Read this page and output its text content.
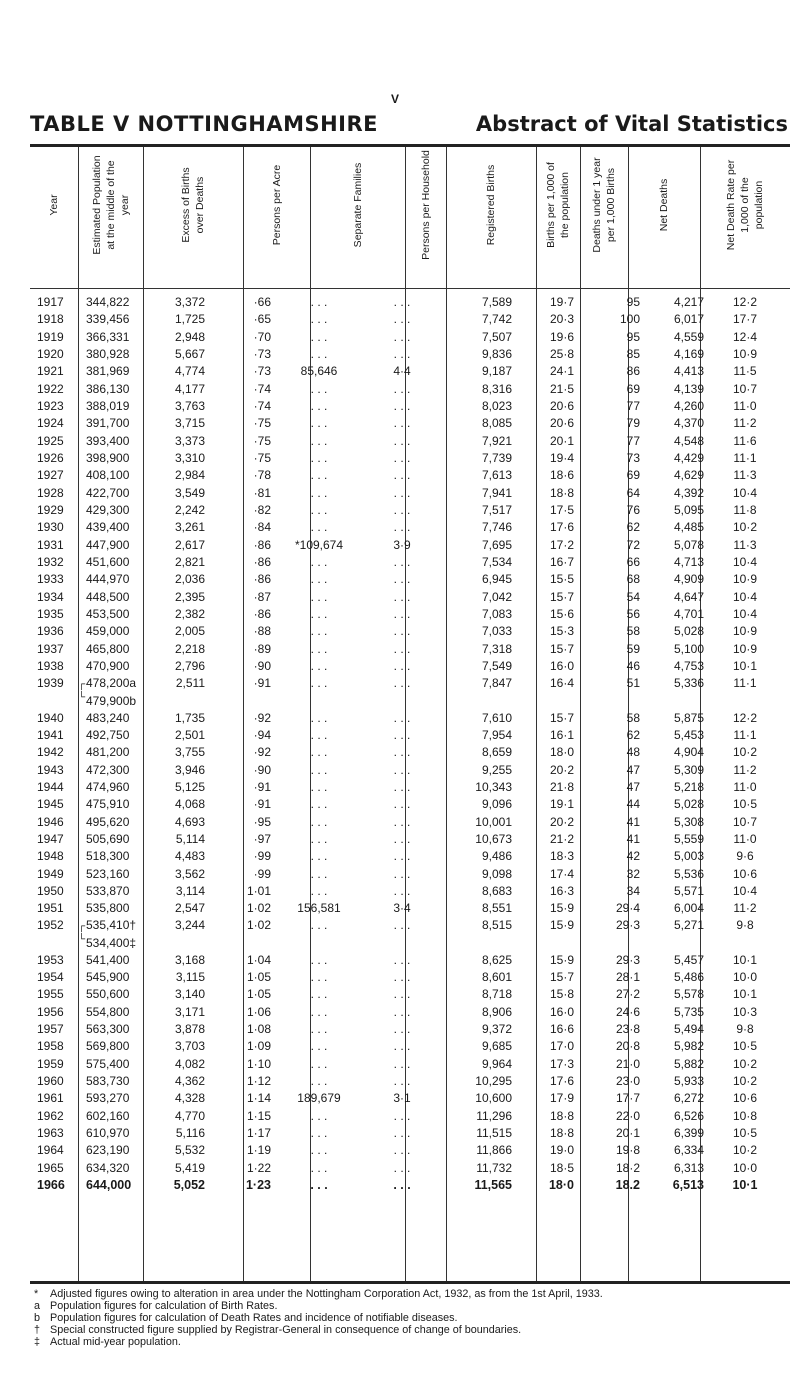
V
TABLE V NOTTINGHAMSHIRE	Abstract of Vital Statistics
Year
Estimated Population
at the middle of the
year
Excess of Births
over Deaths	Persons per Acre	Separate Families	Persons per Household	Registered Births	Births per 1,000 of
the population
Deaths under 1 year
per 1,000 Births	Net Deaths
Net Death Rate per
1,000 of the
population
1917 344,822	3,372	·66	. . .	. . .	7,589	19·7	95	4,217	12·2
1918 339,456	1,725	·65	. . .	. . .	7,742	20·3	100	6,017	17·7
1919 366,331	2,948	·70	. . .	. . .	7,507	19·6	95	4,559	12·4
1920 380,928	5,667	·73	. . .	. . .	9,836	25·8	85	4,169	10·9
1921 381,969	4,774	·73	85,646	4·4	9,187	24·1	86	4,413	11·5
1922 386,130	4,177	·74	. . .	. . .	8,316	21·5	69	4,139	10·7
1923 388,019	3,763	·74	. . .	. . .	8,023	20·6	77	4,260	11·0
1924 391,700	3,715	·75	. . .	. . .	8,085	20·6	79	4,370	11·2
1925 393,400	3,373	·75	. . .	. . .	7,921	20·1	77	4,548	11·6
1926 398,900	3,310	·75	. . .	. . .	7,739	19·4	73	4,429	11·1
1927 408,100	2,984	·78	. . .	. . .	7,613	18·6	69	4,629	11·3
1928 422,700	3,549	·81	. . .	. . .	7,941	18·8	64	4,392	10·4
1929 429,300	2,242	·82	. . .	. . .	7,517	17·5	76	5,095	11·8
1930 439,400	3,261	·84	. . .	. . .	7,746	17·6	62	4,485	10·2
1931 447,900	2,617	·86	*109,674	3·9	7,695	17·2	72	5,078	11·3
1932 451,600	2,821	·86	. . .	. . .	7,534	16·7	66	4,713	10·4
1933 444,970	2,036	·86	. . .	. . .	6,945	15·5	68	4,909	10·9
1934 448,500	2,395	·87	. . .	. . .	7,042	15·7	54	4,647	10·4
1935 453,500	2,382	·86	. . .	. . .	7,083	15·6	56	4,701	10·4
1936 459,000	2,005	·88	. . .	. . .	7,033	15·3	58	5,028	10·9
1937 465,800	2,218	·89	. . .	. . .	7,318	15·7	59	5,100	10·9
1938 470,900	2,796	·90	. . .	. . .	7,549	16·0	46	4,753	10·1
1939 ┌ 478,200a	2,511	·91	. . .	. . .	7,847	16·4	51	5,336	11·1
└ 479,900b
1940 483,240	1,735	·92	. . .	. . .	7,610	15·7	58	5,875	12·2
1941 492,750	2,501	·94	. . .	. . .	7,954	16·1	62	5,453	11·1
1942 481,200	3,755	·92	. . .	. . .	8,659	18·0	48	4,904	10·2
1943 472,300	3,946	·90	. . .	. . .	9,255	20·2	47	5,309	11·2
1944 474,960	5,125	·91	. . .	. . .	10,343	21·8	47	5,218	11·0
1945 475,910	4,068	·91	. . .	. . .	9,096	19·1	44	5,028	10·5
1946 495,620	4,693	·95	. . .	. . .	10,001	20·2	41	5,308	10·7
1947 505,690	5,114	·97	. . .	. . .	10,673	21·2	41	5,559	11·0
1948 518,300	4,483	·99	. . .	. . .	9,486	18·3	42	5,003	9·6
1949 523,160	3,562	·99	. . .	. . .	9,098	17·4	32	5,536	10·6
1950 533,870	3,114	1·01	. . .	. . .	8,683	16·3	34	5,571	10·4
1951 535,800	2,547	1·02	156,581	3·4	8,551	15·9	29·4	6,004	11·2
1952 ┌ 535,410†	3,244	1·02	. . .	. . .	8,515	15·9	29·3	5,271	9·8
└ 534,400‡
1953 541,400	3,168	1·04	. . .	. . .	8,625	15·9	29·3	5,457	10·1
1954 545,900	3,115	1·05	. . .	. . .	8,601	15·7	28·1	5,486	10·0
1955 550,600	3,140	1·05	. . .	. . .	8,718	15·8	27·2	5,578	10·1
1956 554,800	3,171	1·06	. . .	. . .	8,906	16·0	24·6	5,735	10·3
1957 563,300	3,878	1·08	. . .	. . .	9,372	16·6	23·8	5,494	9·8
1958 569,800	3,703	1·09	. . .	. . .	9,685	17·0	20·8	5,982	10·5
1959 575,400	4,082	1·10	. . .	. . .	9,964	17·3	21·0	5,882	10·2
1960 583,730	4,362	1·12	. . .	. . .	10,295	17·6	23·0	5,933	10·2
1961 593,270	4,328	1·14	189,679	3·1	10,600	17·9	17·7	6,272	10·6
1962 602,160	4,770	1·15	. . .	. . .	11,296	18·8	22·0	6,526	10·8
1963 610,970	5,116	1·17	. . .	. . .	11,515	18·8	20·1	6,399	10·5
1964 623,190	5,532	1·19	. . .	. . .	11,866	19·0	19·8	6,334	10·2
1965 634,320	5,419	1·22	. . .	. . .	11,732	18·5	18·2	6,313	10·0
1966 644,000	5,052	1·23	. . .	. . .	11,565	18·0	18.2	6,513	10·1
* Adjusted figures owing to alteration in area under the Nottingham Corporation Act, 1932, as from the 1st April, 1933.
a Population figures for calculation of Birth Rates.
b Population figures for calculation of Death Rates and incidence of notifiable diseases.
† Special constructed figure supplied by Registrar-General in consequence of change of boundaries.
‡ Actual mid-year population.
